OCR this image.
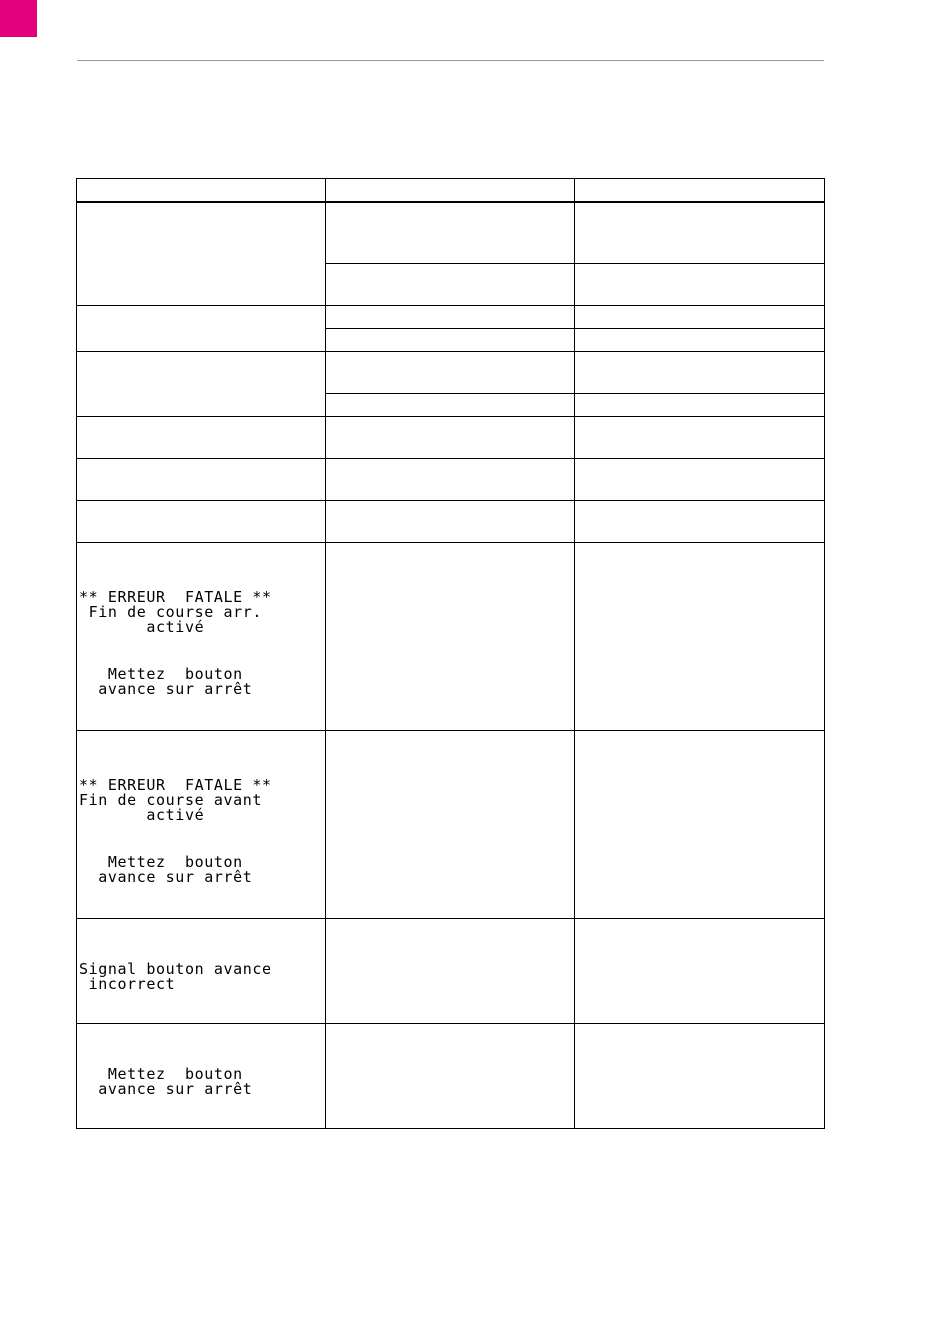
** ERREUR  FATALE **
Fin de course arr.
activé
Mettez  bouton
avance sur arrêt		

** ERREUR  FATALE **
Fin de course avant
activé
Mettez  bouton
avance sur arrêt		

Signal bouton avance
incorrect		

Mettez  bouton
avance sur arrêt		
